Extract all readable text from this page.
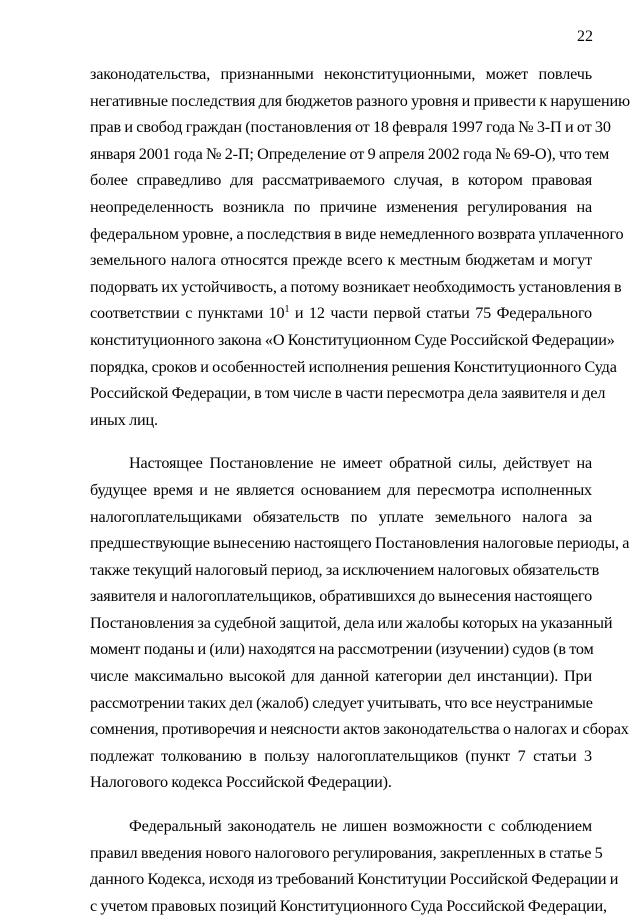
22
законодательства, признанными неконституционными, может повлечь
негативные последствия для бюджетов разного уровня и привести к нарушению
прав и свобод граждан (постановления от 18 февраля 1997 года № 3-П и от 30
января 2001 года № 2-П; Определение от 9 апреля 2002 года № 69-О), что тем
более справедливо для рассматриваемого случая, в котором правовая
неопределенность возникла по причине изменения регулирования на
федеральном уровне, а последствия в виде немедленного возврата уплаченного
земельного налога относятся прежде всего к местным бюджетам и могут
подорвать их устойчивость, а потому возникает необходимость установления в
соответствии с пунктами $10^1$ и 12 части первой статьи 75 Федерального
конституционного закона «О Конституционном Суде Российской Федерации»
порядка, сроков и особенностей исполнения решения Конституционного Суда
Российской Федерации, в том числе в части пересмотра дела заявителя и дел
иных лиц.
Настоящее Постановление не имеет обратной силы, действует на
будущее время и не является основанием для пересмотра исполненных
налогоплательщиками обязательств по уплате земельного налога за
предшествующие вынесению настоящего Постановления налоговые периоды, а
также текущий налоговый период, за исключением налоговых обязательств
заявителя и налогоплательщиков, обратившихся до вынесения настоящего
Постановления за судебной защитой, дела или жалобы которых на указанный
момент поданы и (или) находятся на рассмотрении (изучении) судов (в том
числе максимально высокой для данной категории дел инстанции). При
рассмотрении таких дел (жалоб) следует учитывать, что все неустранимые
сомнения, противоречия и неясности актов законодательства о налогах и сборах
подлежат толкованию в пользу налогоплательщиков (пункт 7 статьи 3
Налогового кодекса Российской Федерации).
Федеральный законодатель не лишен возможности с соблюдением
правил введения нового налогового регулирования, закрепленных в статье 5
данного Кодекса, исходя из требований Конституции Российской Федерации и
с учетом правовых позиций Конституционного Суда Российской Федерации,
